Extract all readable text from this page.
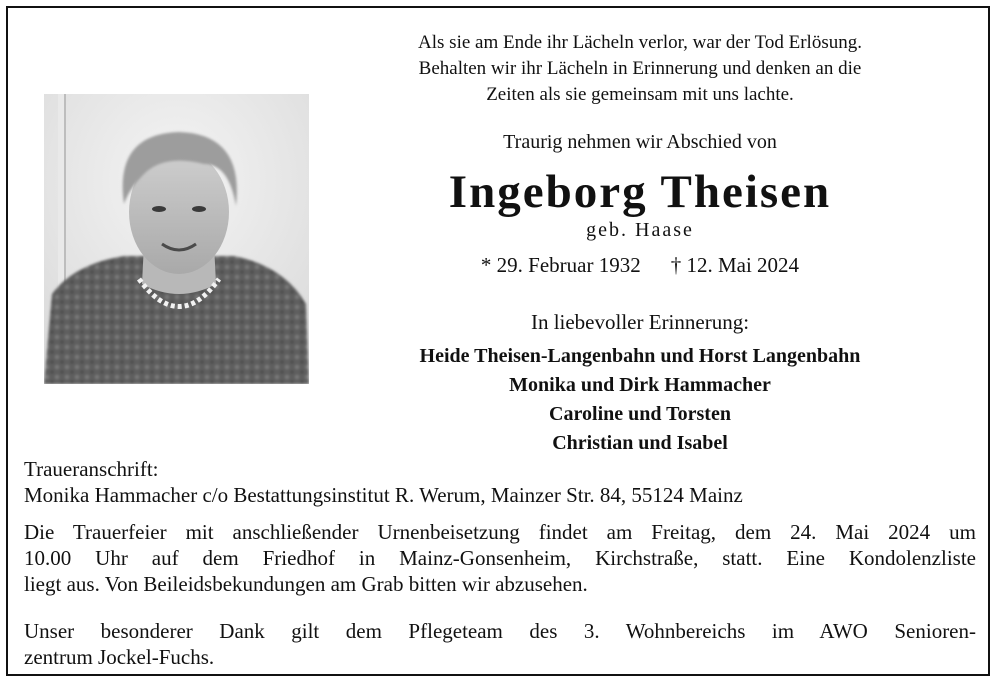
Als sie am Ende ihr Lächeln verlor, war der Tod Erlösung.
Behalten wir ihr Lächeln in Erinnerung und denken an die
Zeiten als sie gemeinsam mit uns lachte.
Traurig nehmen wir Abschied von
Ingeborg Theisen
geb. Haase
* 29. Februar 1932 † 12. Mai 2024
In liebevoller Erinnerung:
Heide Theisen-Langenbahn und Horst Langenbahn
Monika und Dirk Hammacher
Caroline und Torsten
Christian und Isabel
Traueranschrift:
Monika Hammacher c/o Bestattungsinstitut R. Werum, Mainzer Str. 84, 55124 Mainz
Die Trauerfeier mit anschließender Urnenbeisetzung findet am Freitag, dem 24. Mai 2024 um
10.00 Uhr auf dem Friedhof in Mainz-Gonsenheim, Kirchstraße, statt. Eine Kondolenzliste
liegt aus. Von Beileidsbekundungen am Grab bitten wir abzusehen.
Unser besonderer Dank gilt dem Pflegeteam des 3. Wohnbereichs im AWO Senioren-
zentrum Jockel-Fuchs.
